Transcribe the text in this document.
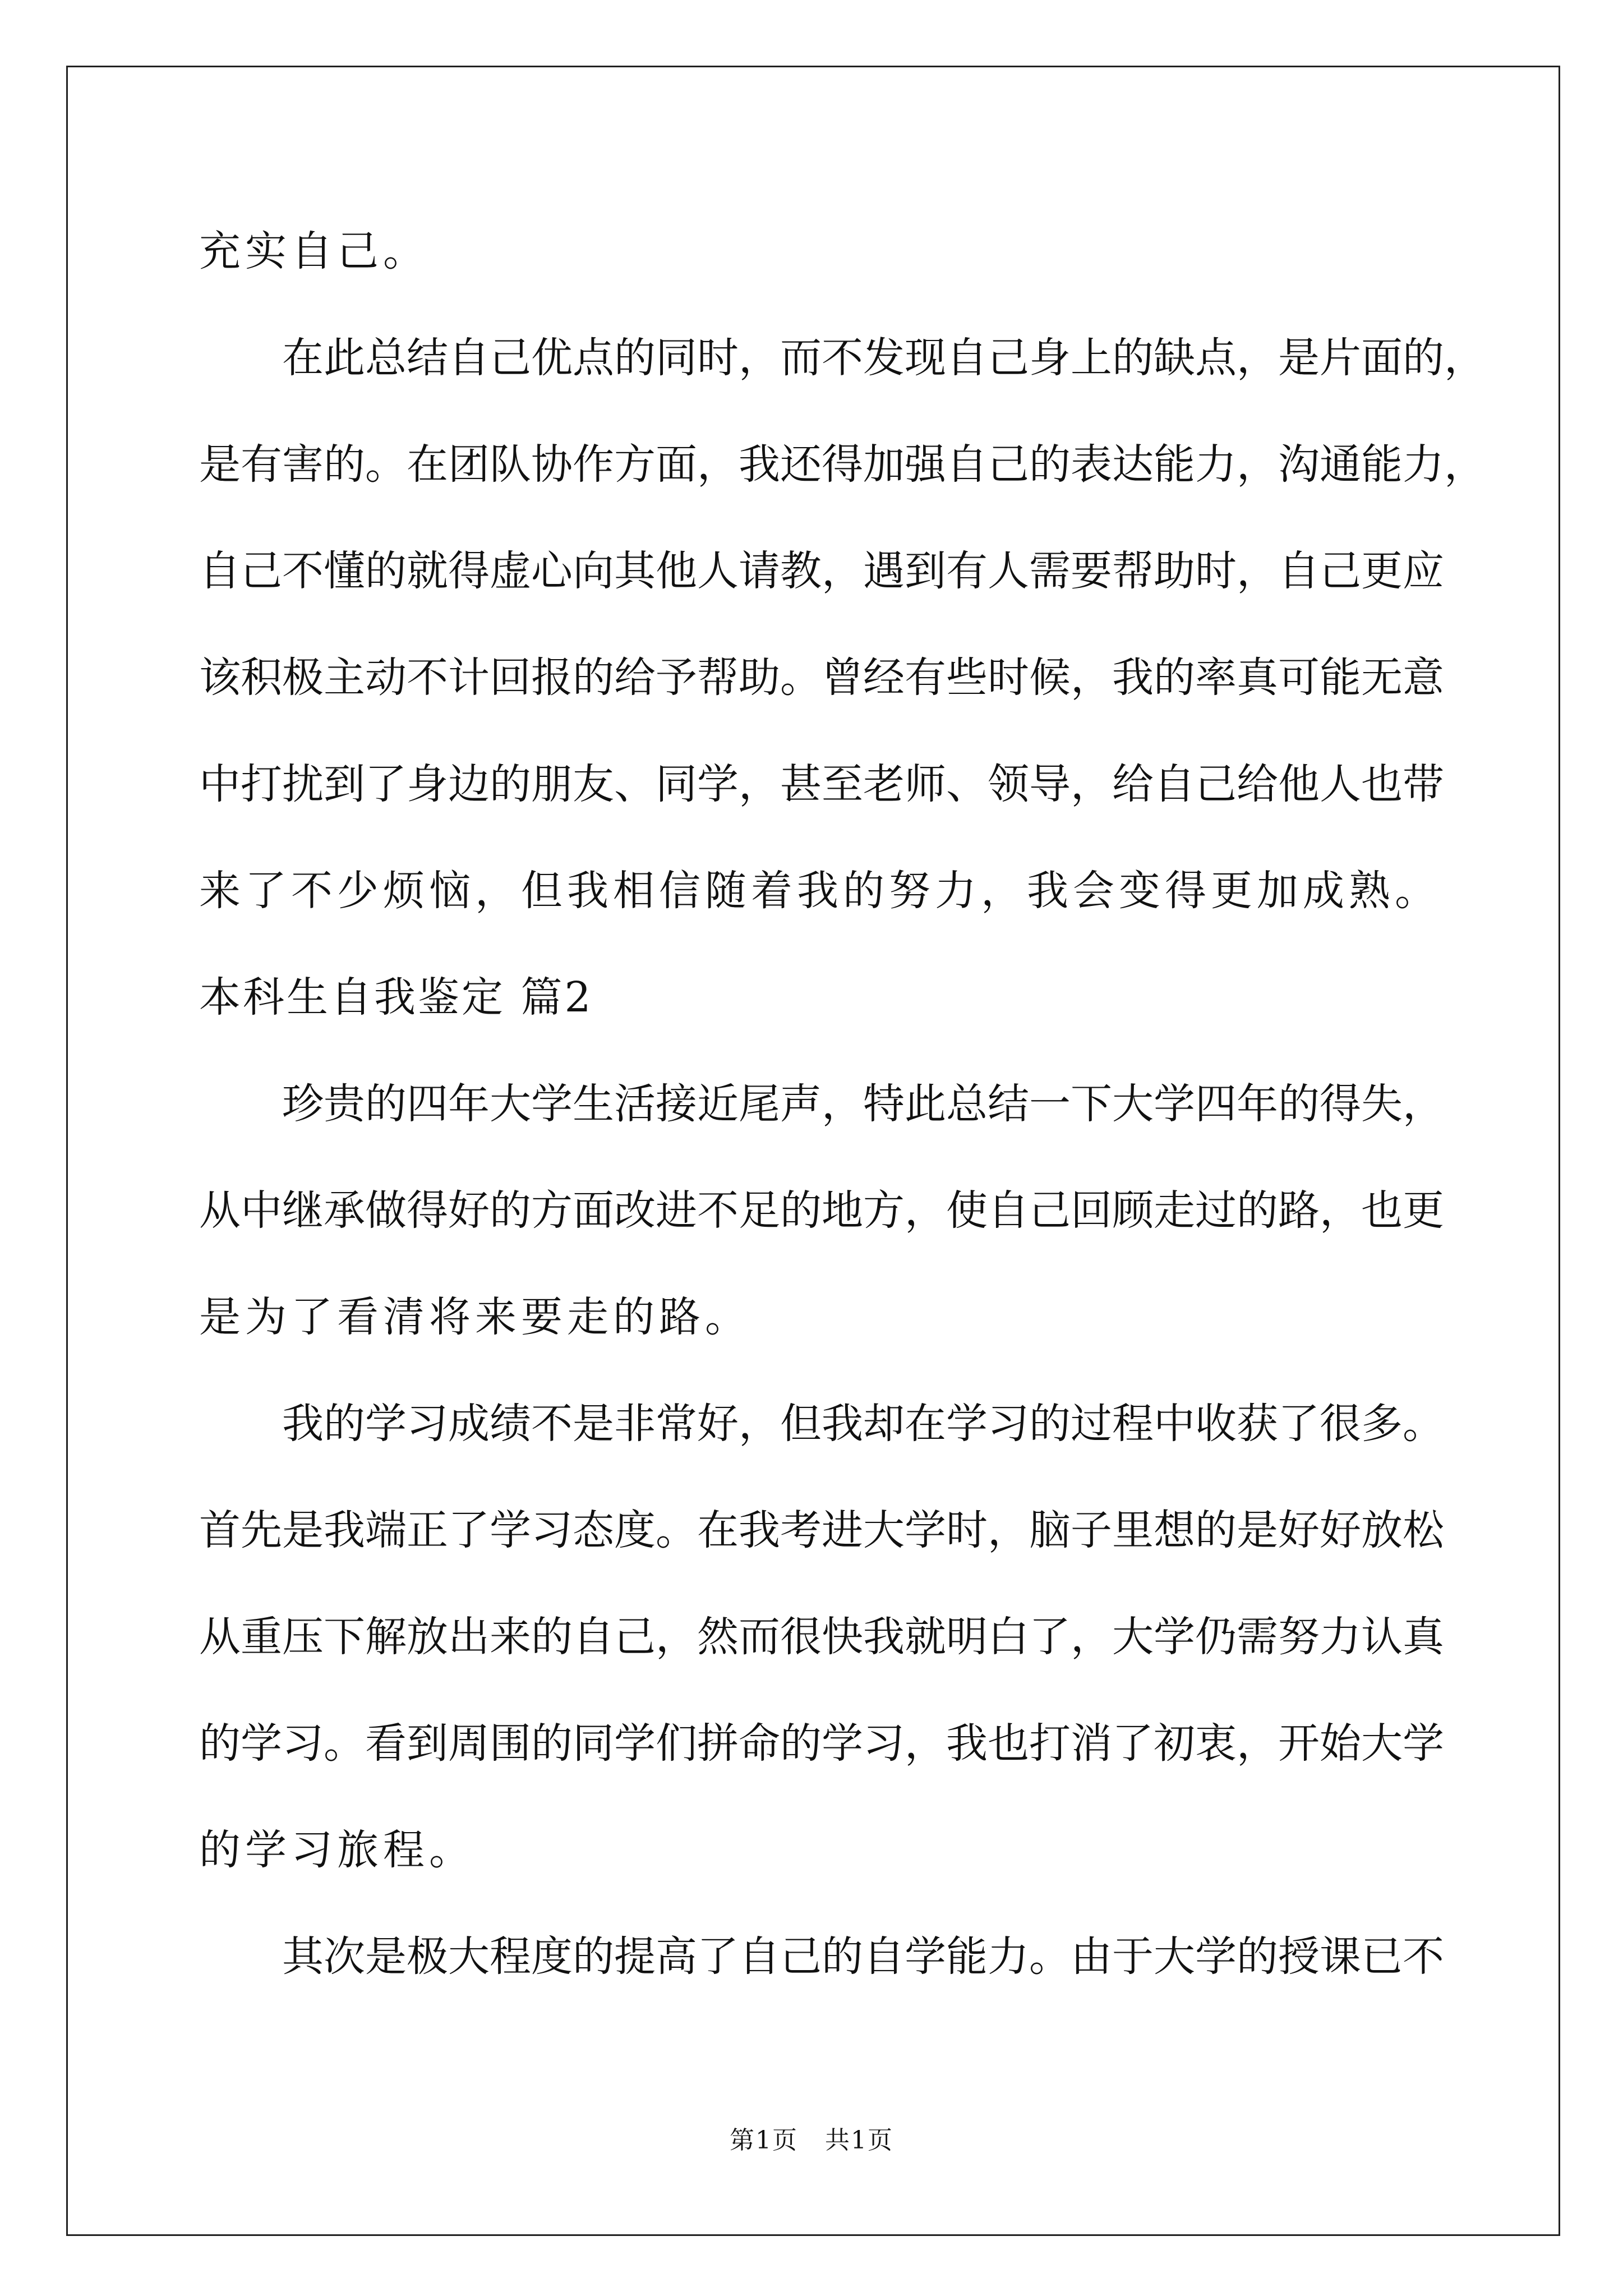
充实自己。
在此总结自己优点的同时，而不发现自己身上的缺点，是片面的，
是有害的。在团队协作方面，我还得加强自己的表达能力，沟通能力，
自己不懂的就得虚心向其他人请教，遇到有人需要帮助时，自己更应
该积极主动不计回报的给予帮助。曾经有些时候，我的率真可能无意
中打扰到了身边的朋友、同学，甚至老师、领导，给自己给他人也带
来了不少烦恼，但我相信随着我的努力，我会变得更加成熟。
本科生自我鉴定 篇2
珍贵的四年大学生活接近尾声，特此总结一下大学四年的得失，
从中继承做得好的方面改进不足的地方，使自己回顾走过的路，也更
是为了看清将来要走的路。
我的学习成绩不是非常好，但我却在学习的过程中收获了很多。
首先是我端正了学习态度。在我考进大学时，脑子里想的是好好放松
从重压下解放出来的自己，然而很快我就明白了，大学仍需努力认真
的学习。看到周围的同学们拼命的学习，我也打消了初衷，开始大学
的学习旅程。
其次是极大程度的提高了自己的自学能力。由于大学的授课已不
第1页 共1页
